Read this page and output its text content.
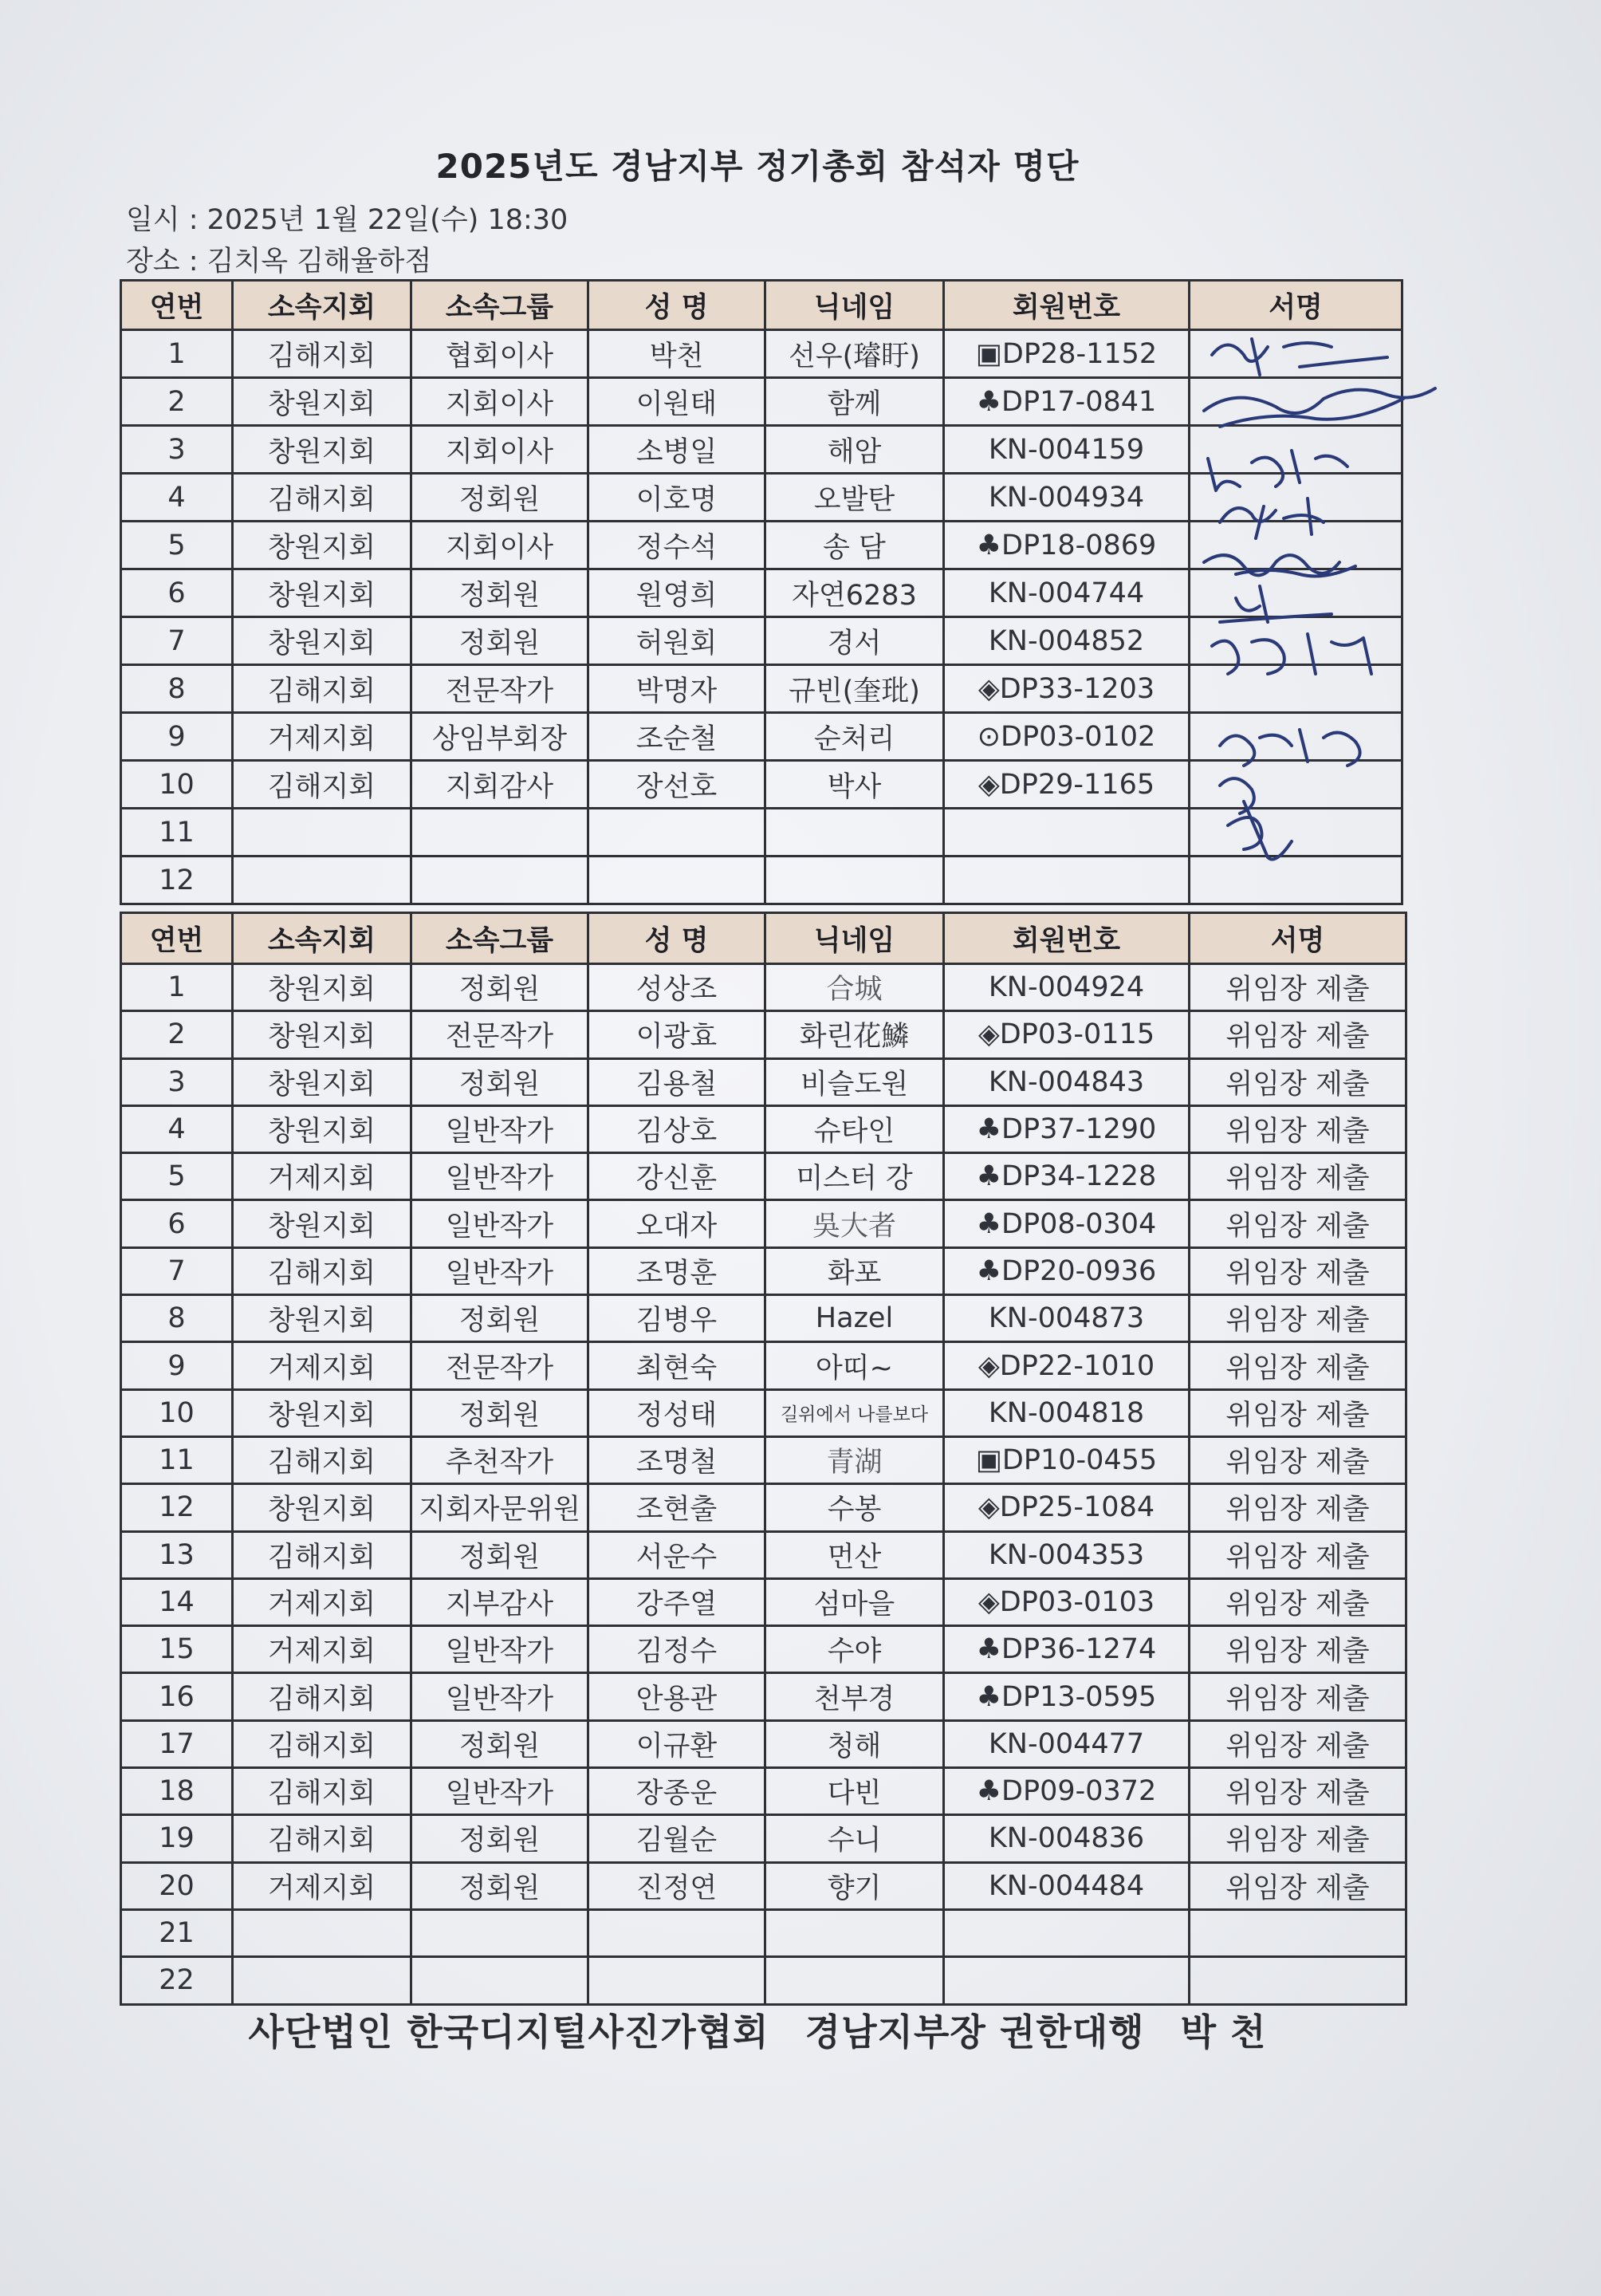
2025년도 경남지부 정기총회 참석자 명단
일시 : 2025년 1월 22일(수) 18:30
장소 : 김치옥 김해율하점
연번	소속지회	소속그룹	성 명	닉네임	회원번호	서명
1	김해지회	협회이사	박천	선우(璿盱)	▣DP28-1152	
2	창원지회	지회이사	이원태	함께	♣DP17-0841	
3	창원지회	지회이사	소병일	해암	KN-004159	
4	김해지회	정회원	이호명	오발탄	KN-004934	
5	창원지회	지회이사	정수석	송 담	♣DP18-0869	
6	창원지회	정회원	원영희	자연6283	KN-004744	
7	창원지회	정회원	허원회	경서	KN-004852	
8	김해지회	전문작가	박명자	규빈(奎玭)	◈DP33-1203	
9	거제지회	상임부회장	조순철	순처리	⊙DP03-0102	
10	김해지회	지회감사	장선호	박사	◈DP29-1165	
11						
12						
연번	소속지회	소속그룹	성 명	닉네임	회원번호	서명
1	창원지회	정회원	성상조	合城	KN-004924	위임장 제출
2	창원지회	전문작가	이광효	화린花鱗	◈DP03-0115	위임장 제출
3	창원지회	정회원	김용철	비슬도원	KN-004843	위임장 제출
4	창원지회	일반작가	김상호	슈타인	♣DP37-1290	위임장 제출
5	거제지회	일반작가	강신훈	미스터 강	♣DP34-1228	위임장 제출
6	창원지회	일반작가	오대자	吳大者	♣DP08-0304	위임장 제출
7	김해지회	일반작가	조명훈	화포	♣DP20-0936	위임장 제출
8	창원지회	정회원	김병우	Hazel	KN-004873	위임장 제출
9	거제지회	전문작가	최현숙	아띠~	◈DP22-1010	위임장 제출
10	창원지회	정회원	정성태	길위에서 나를보다	KN-004818	위임장 제출
11	김해지회	추천작가	조명철	青湖	▣DP10-0455	위임장 제출
12	창원지회	지회자문위원	조현출	수봉	◈DP25-1084	위임장 제출
13	김해지회	정회원	서운수	먼산	KN-004353	위임장 제출
14	거제지회	지부감사	강주열	섬마을	◈DP03-0103	위임장 제출
15	거제지회	일반작가	김정수	수야	♣DP36-1274	위임장 제출
16	김해지회	일반작가	안용관	천부경	♣DP13-0595	위임장 제출
17	김해지회	정회원	이규환	청해	KN-004477	위임장 제출
18	김해지회	일반작가	장종운	다빈	♣DP09-0372	위임장 제출
19	김해지회	정회원	김월순	수니	KN-004836	위임장 제출
20	거제지회	정회원	진정연	향기	KN-004484	위임장 제출
21						
22						
사단법인 한국디지털사진가협회 경남지부장 권한대행 박 천
